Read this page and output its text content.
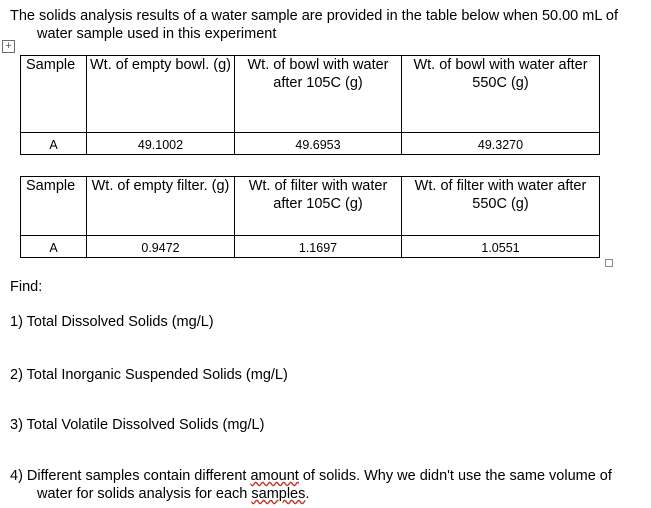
The solids analysis results of a water sample are provided in the table below when 50.00 mL of
water sample used in this experiment
+
Sample	Wt. of empty bowl. (g)	Wt. of bowl with water after 105C (g)	Wt. of bowl with water after 550C (g)
A	49.1002	49.6953	49.3270
Sample	Wt. of empty filter. (g)	Wt. of filter with water after 105C (g)	Wt. of filter with water after 550C (g)
A	0.9472	1.1697	1.0551
Find:
1) Total Dissolved Solids (mg/L)
2) Total Inorganic Suspended Solids (mg/L)
3) Total Volatile Dissolved Solids (mg/L)
4) Different samples contain different amount of solids. Why we didn't use the same volume of
water for solids analysis for each samples.
